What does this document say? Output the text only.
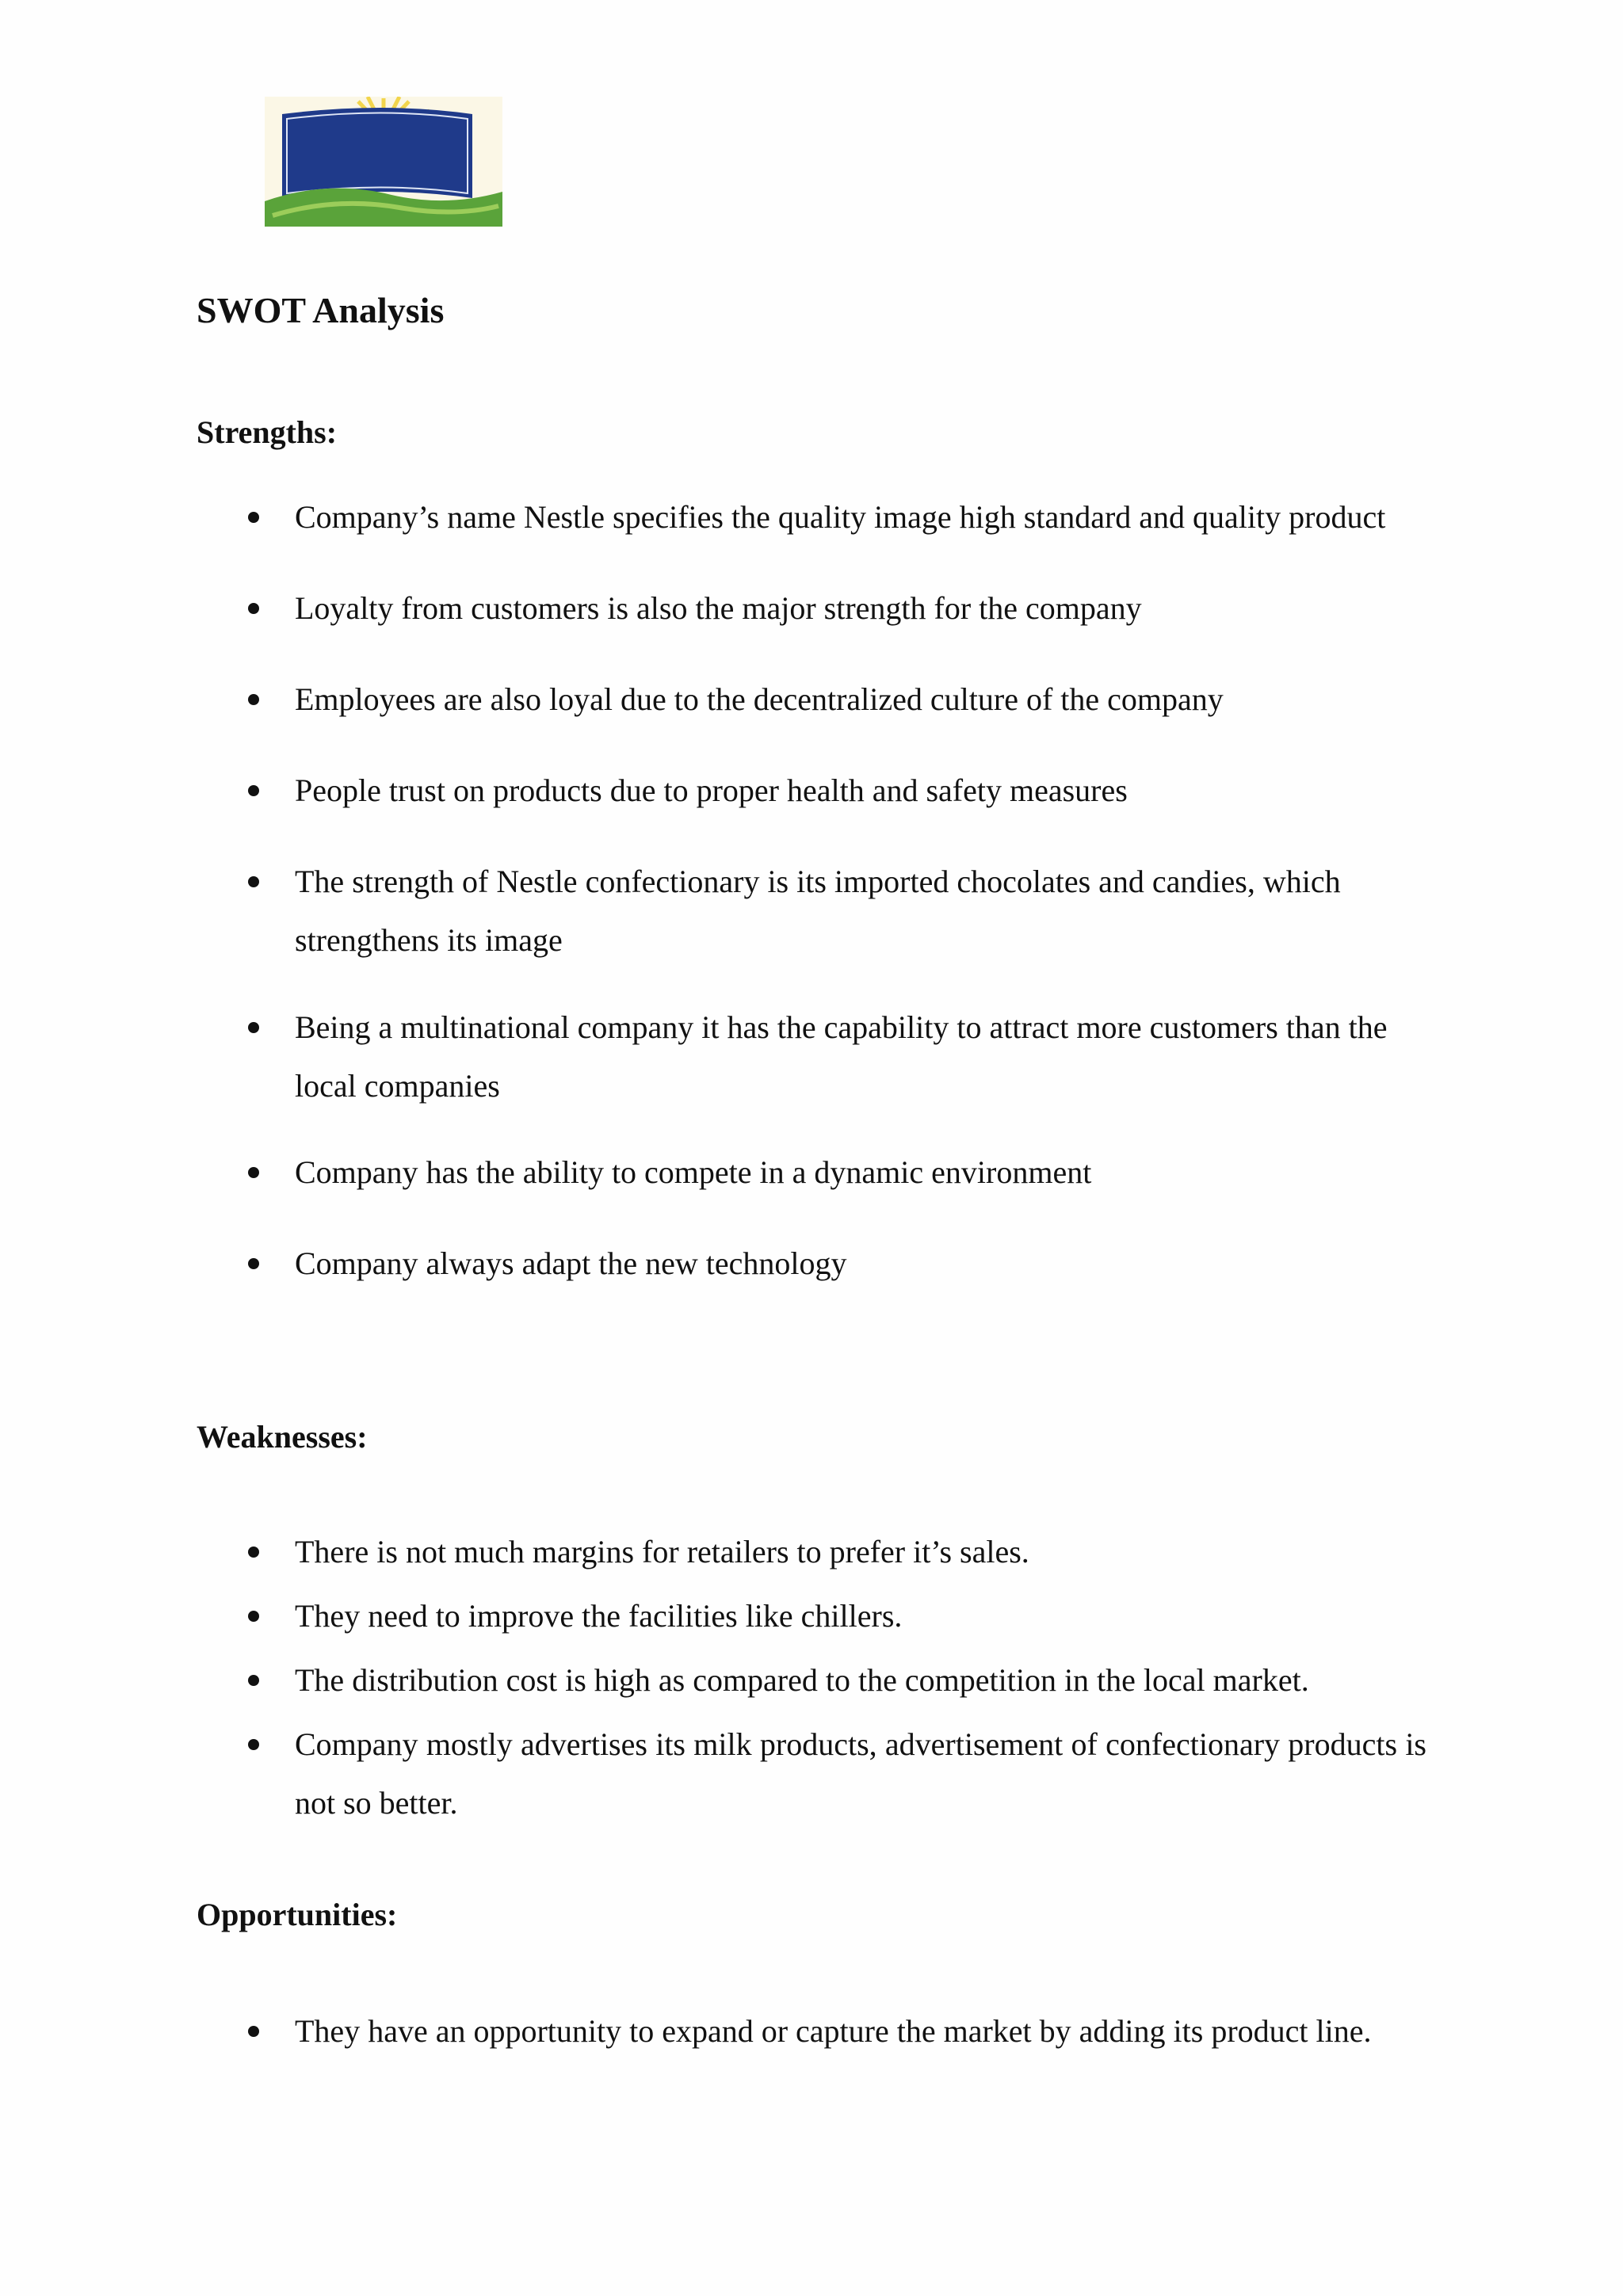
SWOT Analysis
Strengths:

Company’s name Nestle specifies the quality image high standard and quality product

Loyalty from customers is also the major strength for the company

Employees are also loyal due to the decentralized culture of the company

People trust on products due to proper health and safety measures

The strength of Nestle confectionary is its imported chocolates and candies, which strengthens its image

Being a multinational company it has the capability to attract more customers than the local companies

Company has the ability to compete in a dynamic environment

Company always adapt the new technology

Weaknesses:

There is not much margins for retailers to prefer it’s sales.

They need to improve the facilities like chillers.

The distribution cost is high as compared to the competition in the local market.

Company mostly advertises its milk products, advertisement of confectionary products is not so better.

Opportunities:

They have an opportunity to expand or capture the market by adding its product line.
